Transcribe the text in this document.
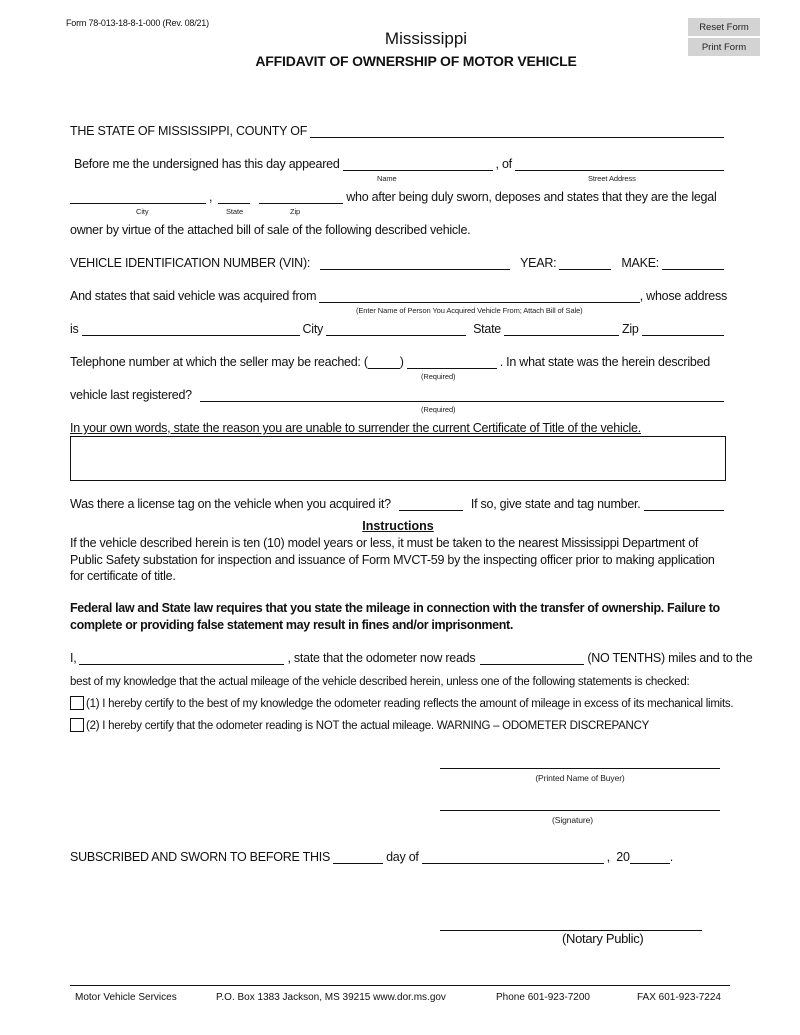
Form 78-013-18-8-1-000 (Rev. 08/21)
Mississippi
AFFIDAVIT OF OWNERSHIP OF MOTOR VEHICLE
Reset Form
Print Form
THE STATE OF MISSISSIPPI, COUNTY OF
Before me the undersigned has this day appeared	, of
Name	Street Address
,	who after being duly sworn, deposes and states that they are the legal
City	State	Zip
owner by virtue of the attached bill of sale of the following described vehicle.
VEHICLE IDENTIFICATION NUMBER (VIN):	YEAR:	MAKE:
And states that said vehicle was acquired from	, whose address
(Enter Name of Person You Acquired Vehicle From; Attach Bill of Sale)
is	City	State	Zip
Telephone number at which the seller may be reached: (	)	. In what state was the herein described
(Required)
vehicle last registered?
(Required)
In your own words, state the reason you are unable to surrender the current Certificate of Title of the vehicle.
Was there a license tag on the vehicle when you acquired it?	If so, give state and tag number.
Instructions
If the vehicle described herein is ten (10) model years or less, it must be taken to the nearest Mississippi Department of Public Safety substation for inspection and issuance of Form MVCT-59 by the inspecting officer prior to making application for certificate of title.
Federal law and State law requires that you state the mileage in connection with the transfer of ownership. Failure to complete or providing false statement may result in fines and/or imprisonment.
I,	, state that the odometer now reads	(NO TENTHS) miles and to the
best of my knowledge that the actual mileage of the vehicle described herein, unless one of the following statements is checked:
(1) I hereby certify to the best of my knowledge the odometer reading reflects the amount of mileage in excess of its mechanical limits.
(2) I hereby certify that the odometer reading is NOT the actual mileage. WARNING – ODOMETER DISCREPANCY
(Printed Name of Buyer)
(Signature)
SUBSCRIBED AND SWORN TO BEFORE THIS	day of	,  20	.
(Notary Public)
Motor Vehicle Services	P.O. Box 1383 Jackson, MS 39215 www.dor.ms.gov	Phone 601-923-7200	FAX 601-923-7224
